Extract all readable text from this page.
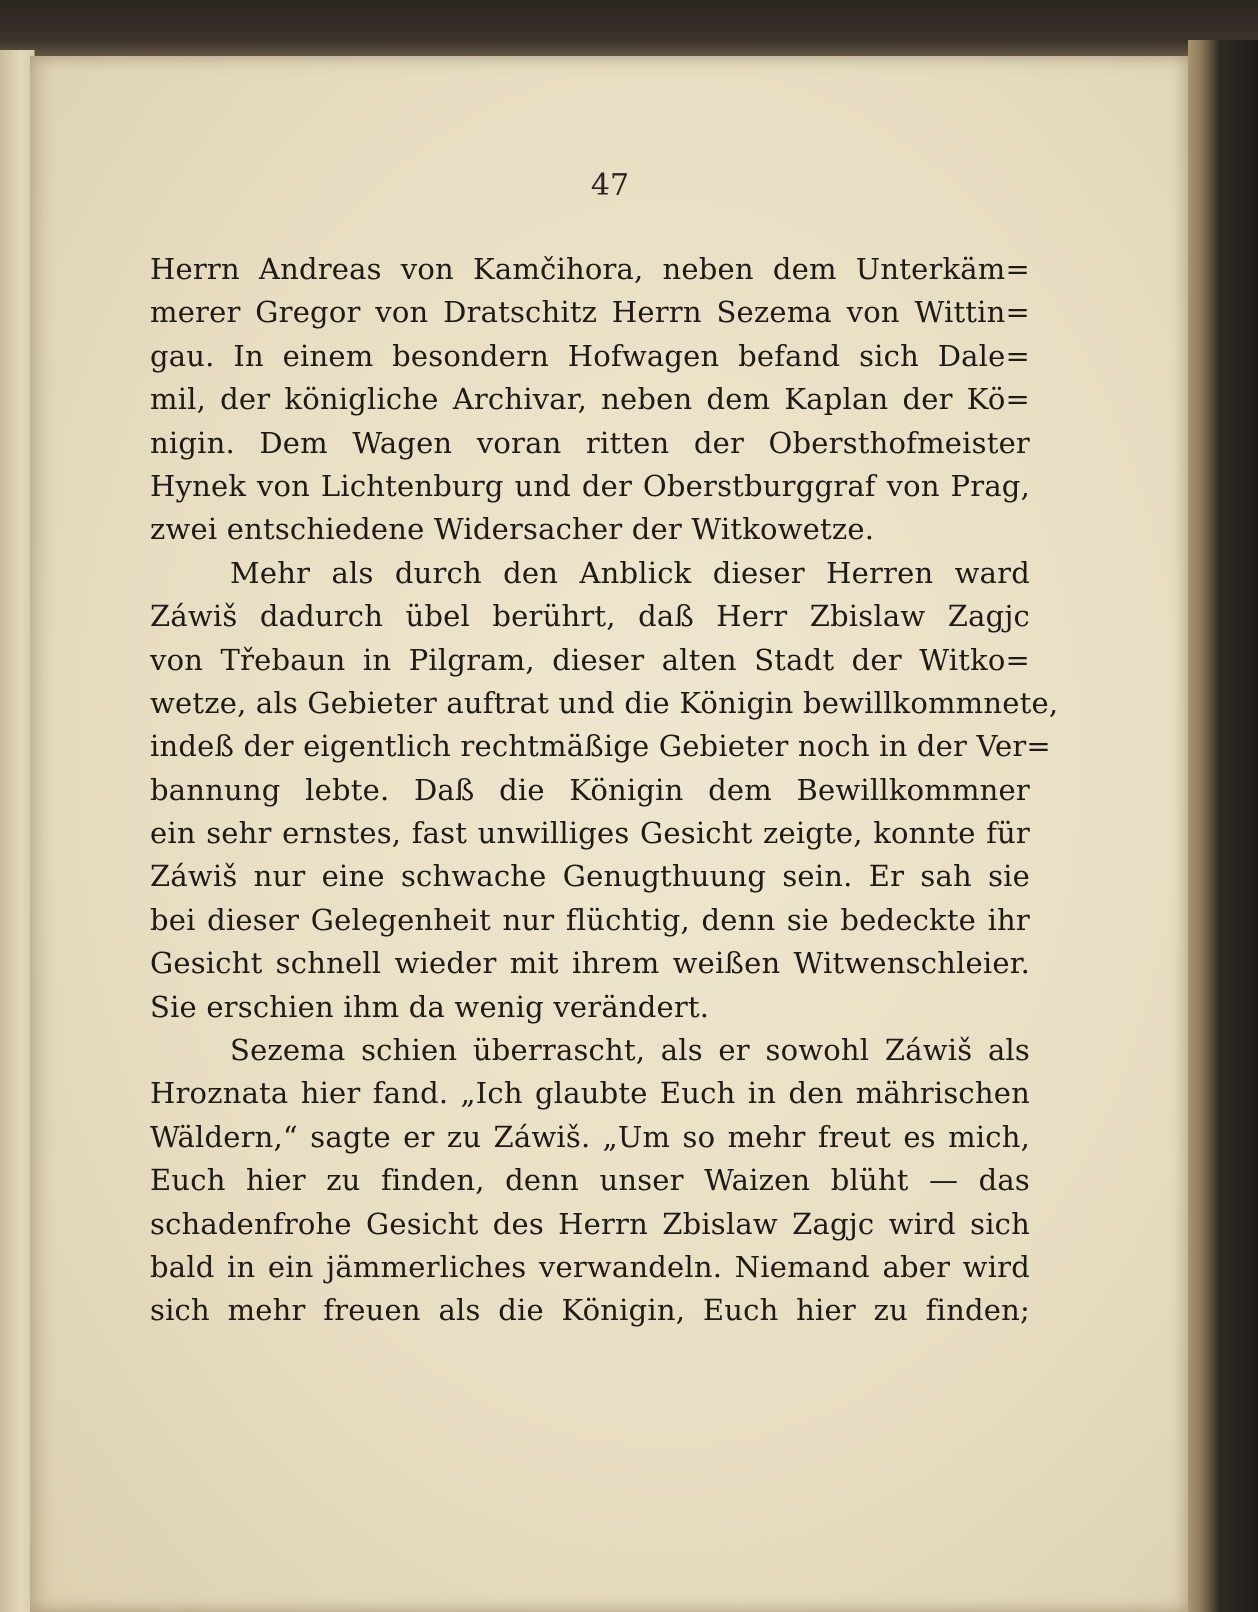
47
Herrn Andreas von Kamčihora, neben dem Unterkäm=
merer Gregor von Dratschitz Herrn Sezema von Wittin=
gau. In einem besondern Hofwagen befand sich Dale=
mil, der königliche Archivar, neben dem Kaplan der Kö=
nigin. Dem Wagen voran ritten der Obersthofmeister
Hynek von Lichtenburg und der Oberstburggraf von Prag,
zwei entschiedene Widersacher der Witkowetze.
Mehr als durch den Anblick dieser Herren ward
Záwiš dadurch übel berührt, daß Herr Zbislaw Zagjc
von Třebaun in Pilgram, dieser alten Stadt der Witko=
wetze, als Gebieter auftrat und die Königin bewillkommnete,
indeß der eigentlich rechtmäßige Gebieter noch in der Ver=
bannung lebte. Daß die Königin dem Bewillkommner
ein sehr ernstes, fast unwilliges Gesicht zeigte, konnte für
Záwiš nur eine schwache Genugthuung sein. Er sah sie
bei dieser Gelegenheit nur flüchtig, denn sie bedeckte ihr
Gesicht schnell wieder mit ihrem weißen Witwenschleier.
Sie erschien ihm da wenig verändert.
Sezema schien überrascht, als er sowohl Záwiš als
Hroznata hier fand. „Ich glaubte Euch in den mährischen
Wäldern,“ sagte er zu Záwiš. „Um so mehr freut es mich,
Euch hier zu finden, denn unser Waizen blüht — das
schadenfrohe Gesicht des Herrn Zbislaw Zagjc wird sich
bald in ein jämmerliches verwandeln. Niemand aber wird
sich mehr freuen als die Königin, Euch hier zu finden;
